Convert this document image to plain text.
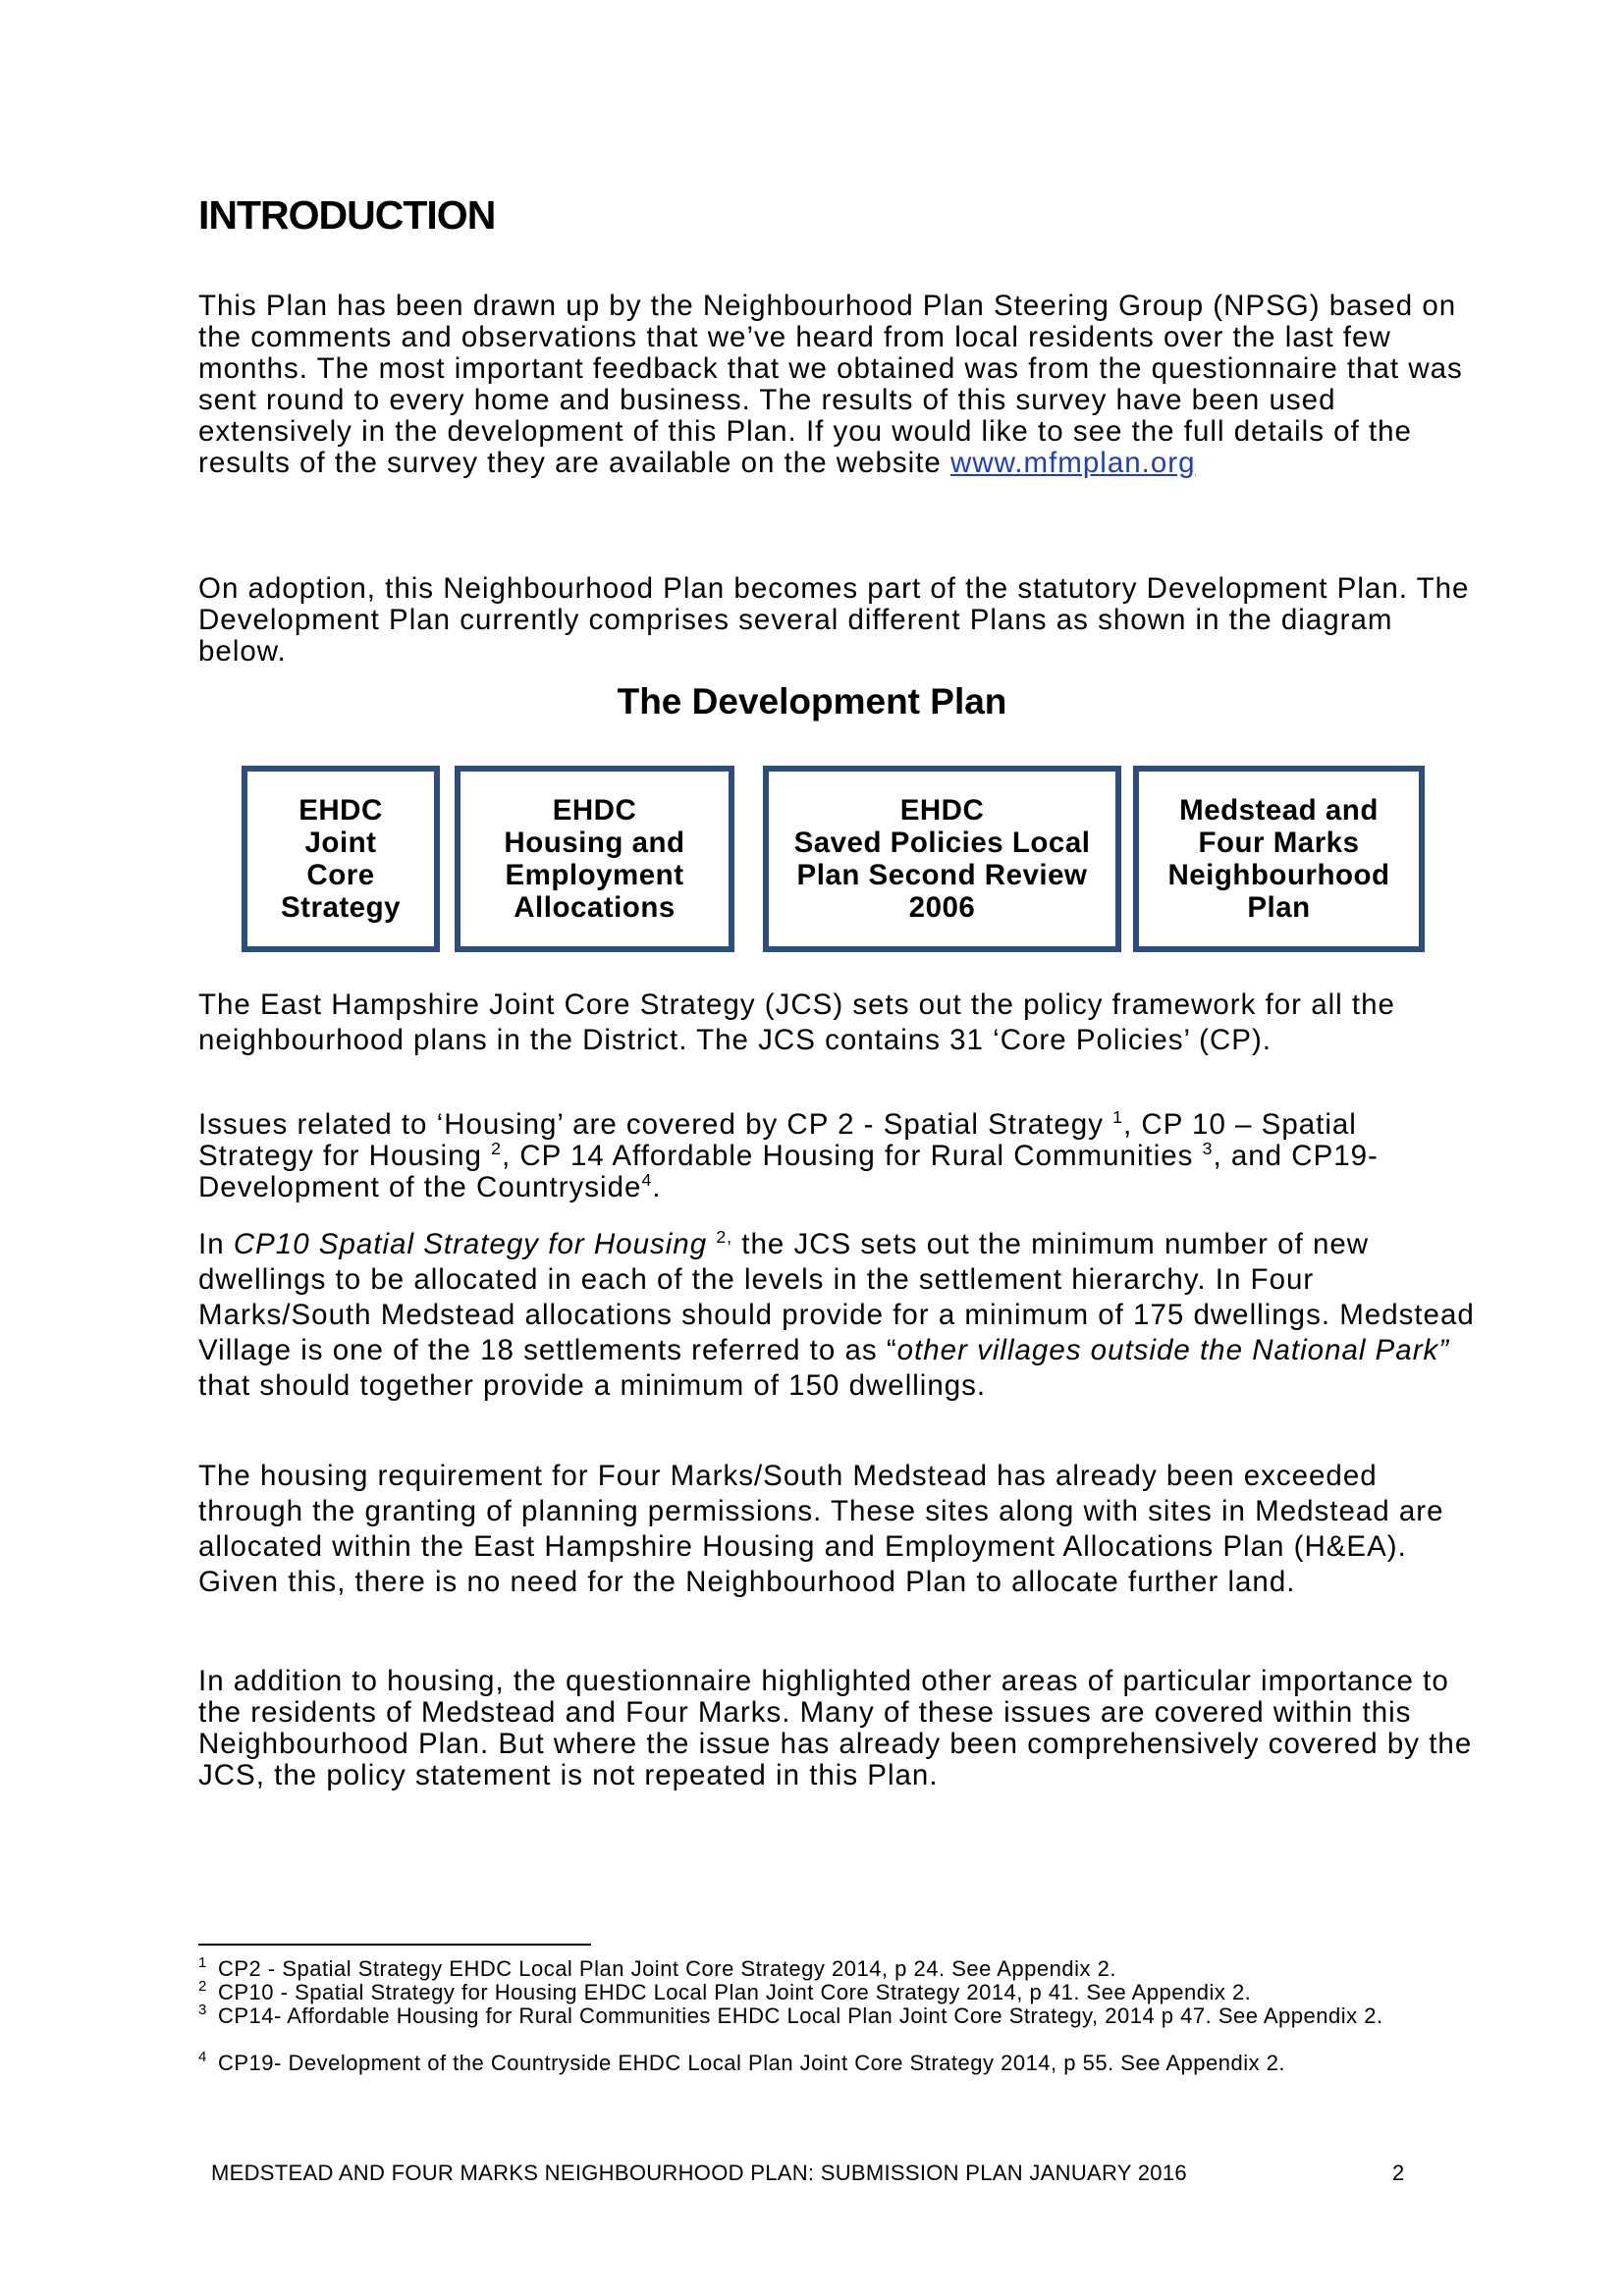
INTRODUCTION

This Plan has been drawn up by the Neighbourhood Plan Steering Group (NPSG) based on the comments and observations that we’ve heard from local residents over the last few months. The most important feedback that we obtained was from the questionnaire that was sent round to every home and business. The results of this survey have been used extensively in the development of this Plan. If you would like to see the full details of the results of the survey they are available on the website www.mfmplan.org

On adoption, this Neighbourhood Plan becomes part of the statutory Development Plan. The Development Plan currently comprises several different Plans as shown in the diagram below.

The Development Plan
EHDC
Joint
Core
Strategy
EHDC
Housing and
Employment
Allocations
EHDC
Saved Policies Local
Plan Second Review
2006
Medstead and
Four Marks
Neighbourhood
Plan

The East Hampshire Joint Core Strategy (JCS) sets out the policy framework for all the neighbourhood plans in the District. The JCS contains 31 ‘Core Policies’ (CP).

Issues related to ‘Housing’ are covered by CP 2 - Spatial Strategy $^1$, CP 10 – Spatial Strategy for Housing $^2$, CP 14 Affordable Housing for Rural Communities $^3$, and CP19- Development of the Countryside$^4$.

In CP10 Spatial Strategy for Housing $^{2,}$ the JCS sets out the minimum number of new dwellings to be allocated in each of the levels in the settlement hierarchy. In Four Marks/South Medstead allocations should provide for a minimum of 175 dwellings. Medstead Village is one of the 18 settlements referred to as “other villages outside the National Park” that should together provide a minimum of 150 dwellings.

The housing requirement for Four Marks/South Medstead has already been exceeded through the granting of planning permissions. These sites along with sites in Medstead are allocated within the East Hampshire Housing and Employment Allocations Plan (H&EA). Given this, there is no need for the Neighbourhood Plan to allocate further land.

In addition to housing, the questionnaire highlighted other areas of particular importance to the residents of Medstead and Four Marks. Many of these issues are covered within this Neighbourhood Plan. But where the issue has already been comprehensively covered by the JCS, the policy statement is not repeated in this Plan.

1 CP2 - Spatial Strategy EHDC Local Plan Joint Core Strategy 2014, p 24. See Appendix 2.
2 CP10 - Spatial Strategy for Housing EHDC Local Plan Joint Core Strategy 2014, p 41. See Appendix 2.
3 CP14- Affordable Housing for Rural Communities EHDC Local Plan Joint Core Strategy, 2014 p 47. See Appendix 2.
4 CP19- Development of the Countryside EHDC Local Plan Joint Core Strategy 2014, p 55. See Appendix 2.

MEDSTEAD AND FOUR MARKS NEIGHBOURHOOD PLAN: SUBMISSION PLAN JANUARY 2016	2
